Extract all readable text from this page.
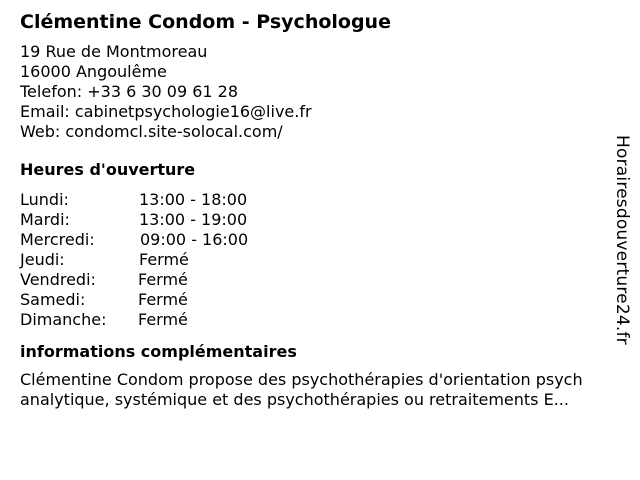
Clémentine Condom - Psychologue
19 Rue de Montmoreau
16000 Angoulême
Telefon: +33 6 30 09 61 28
Email: cabinetpsychologie16@live.fr
Web: condomcl.site-solocal.com/
Heures d'ouverture
Lundi:	13:00 - 18:00
Mardi:	13:00 - 19:00
Mercredi:	09:00 - 16:00
Jeudi:	Fermé
Vendredi:	Fermé
Samedi:	Fermé
Dimanche: Fermé
informations complémentaires
Clémentine Condom propose des psychothérapies d'orientation psych
analytique, systémique et des psychothérapies ou retraitements E...
Horairesdouverture24.fr
